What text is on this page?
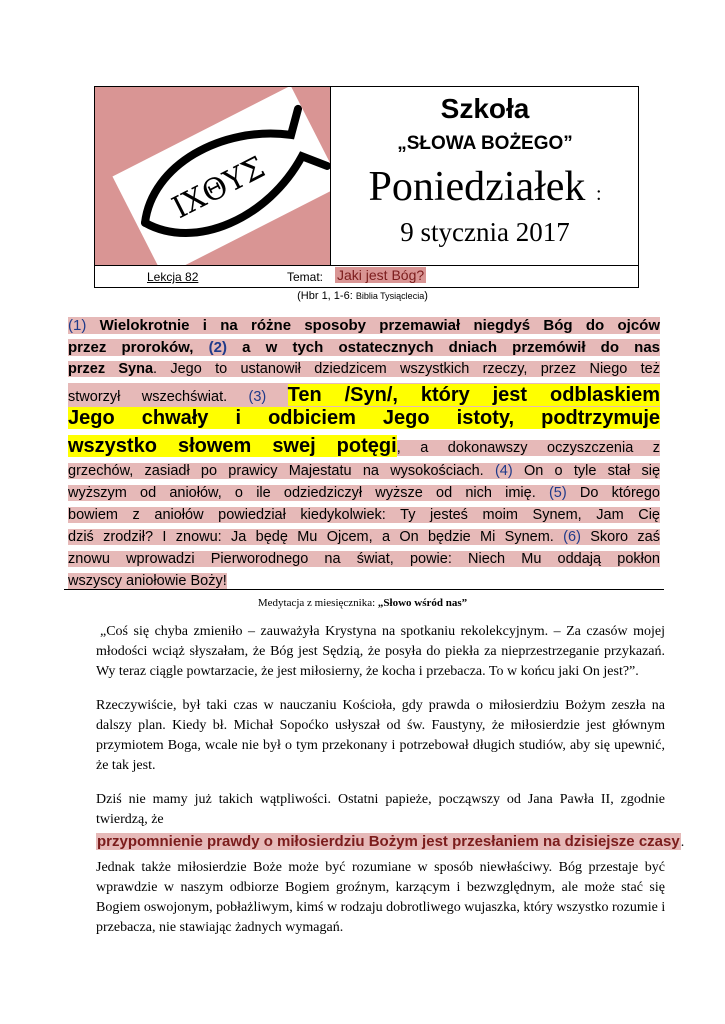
ΙΧΘΥΣ
Szkoła
„SŁOWA BOŻEGO”
Poniedziałek :
9 stycznia 2017
Lekcja 82	Temat: Jaki jest Bóg?
(Hbr 1, 1-6: Biblia Tysiąclecia)
(1) Wielokrotnie i na różne sposoby przemawiał niegdyś Bóg do ojców
przez proroków, (2) a w tych ostatecznych dniach przemówił do nas
przez Syna. Jego to ustanowił dziedzicem wszystkich rzeczy, przez Niego też
stworzył wszechświat. (3) Ten /Syn/, który jest odblaskiem
Jego chwały i odbiciem Jego istoty, podtrzymuje
wszystko słowem swej potęgi, a dokonawszy oczyszczenia z
grzechów, zasiadł po prawicy Majestatu na wysokościach. (4) On o tyle stał się
wyższym od aniołów, o ile odziedziczył wyższe od nich imię. (5) Do którego
bowiem z aniołów powiedział kiedykolwiek: Ty jesteś moim Synem, Jam Cię
dziś zrodził? I znowu: Ja będę Mu Ojcem, a On będzie Mi Synem. (6) Skoro zaś
znowu wprowadzi Pierworodnego na świat, powie: Niech Mu oddają pokłon
wszyscy aniołowie Boży!
Medytacja z miesięcznika: „Słowo wśród nas”
„Coś się chyba zmieniło – zauważyła Krystyna na spotkaniu rekolekcyjnym. – Za czasów mojej
młodości wciąż słyszałam, że Bóg jest Sędzią, że posyła do piekła za nieprzestrzeganie przykazań.
Wy teraz ciągle powtarzacie, że jest miłosierny, że kocha i przebacza. To w końcu jaki On jest?”.
Rzeczywiście, był taki czas w nauczaniu Kościoła, gdy prawda o miłosierdziu Bożym zeszła na
dalszy plan. Kiedy bł. Michał Sopoćko usłyszał od św. Faustyny, że miłosierdzie jest głównym
przymiotem Boga, wcale nie był o tym przekonany i potrzebował długich studiów, aby się upewnić,
że tak jest.
Dziś nie mamy już takich wątpliwości. Ostatni papieże, począwszy od Jana Pawła II, zgodnie
twierdzą, że
przypomnienie prawdy o miłosierdziu Bożym jest przesłaniem na dzisiejsze czasy.
Jednak także miłosierdzie Boże może być rozumiane w sposób niewłaściwy. Bóg przestaje być
wprawdzie w naszym odbiorze Bogiem groźnym, karzącym i bezwzględnym, ale może stać się
Bogiem oswojonym, pobłażliwym, kimś w rodzaju dobrotliwego wujaszka, który wszystko rozumie i
przebacza, nie stawiając żadnych wymagań.
